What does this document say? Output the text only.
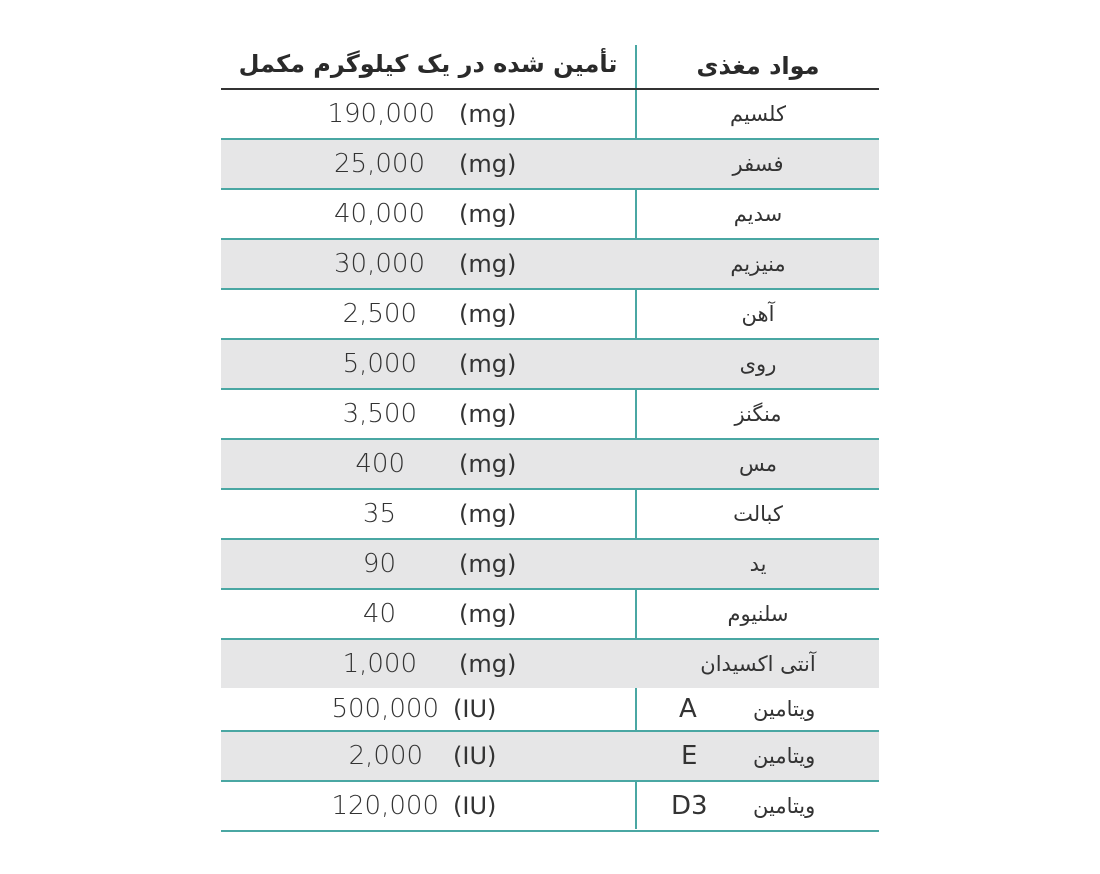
تأمین شده در یک کیلوگرم مکمل	مواد مغذی
190,000 (mg)	کلسیم
25,000 (mg)	فسفر
40,000 (mg)	سدیم
30,000 (mg)	منیزیم
2,500 (mg)	آهن
5,000 (mg)	روی
3,500 (mg)	منگنز
400 (mg)	مس
35	(mg)	کبالت
90	(mg)	ید
40	(mg)	سلنیوم
1,000 (mg)	آنتی اکسیدان
500,000 (IU)	A	ویتامین
2,000 (IU)	E	ویتامین
120,000 (IU)	D3 ویتامین
